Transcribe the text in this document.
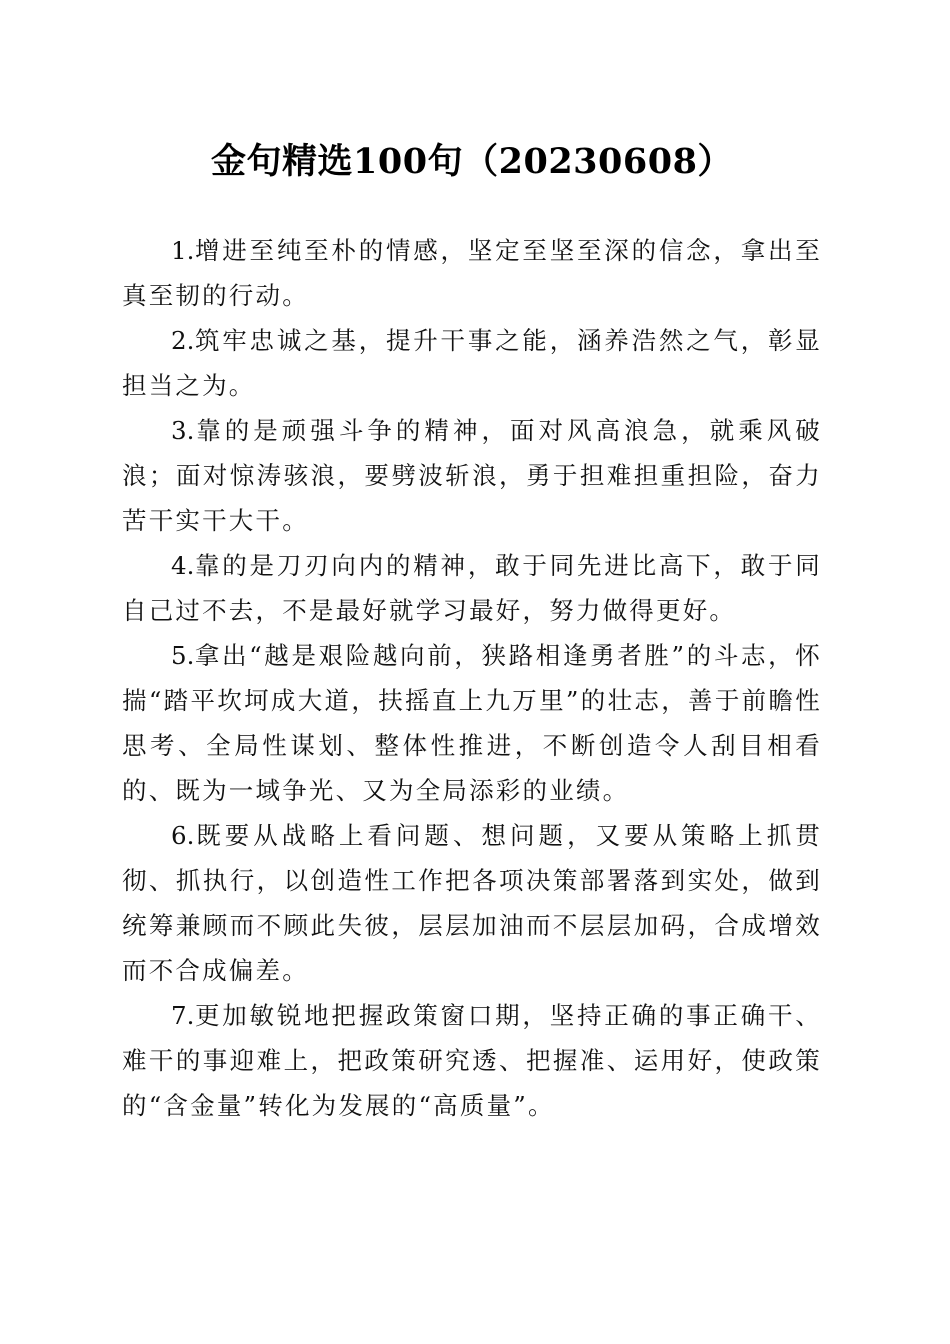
金句精选100句（20230608）

1.增进至纯至朴的情感，坚定至坚至深的信念，拿出至真至韧的行动。

2.筑牢忠诚之基，提升干事之能，涵养浩然之气，彰显担当之为。

3.靠的是顽强斗争的精神，面对风高浪急，就乘风破浪；面对惊涛骇浪，要劈波斩浪，勇于担难担重担险，奋力苦干实干大干。

4.靠的是刀刃向内的精神，敢于同先进比高下，敢于同自己过不去，不是最好就学习最好，努力做得更好。

5.拿出“越是艰险越向前，狭路相逢勇者胜”的斗志，怀揣“踏平坎坷成大道，扶摇直上九万里”的壮志，善于前瞻性思考、全局性谋划、整体性推进，不断创造令人刮目相看的、既为一域争光、又为全局添彩的业绩。

6.既要从战略上看问题、想问题，又要从策略上抓贯彻、抓执行，以创造性工作把各项决策部署落到实处，做到统筹兼顾而不顾此失彼，层层加油而不层层加码，合成增效而不合成偏差。

7.更加敏锐地把握政策窗口期，坚持正确的事正确干、难干的事迎难上，把政策研究透、把握准、运用好，使政策的“含金量”转化为发展的“高质量”。
